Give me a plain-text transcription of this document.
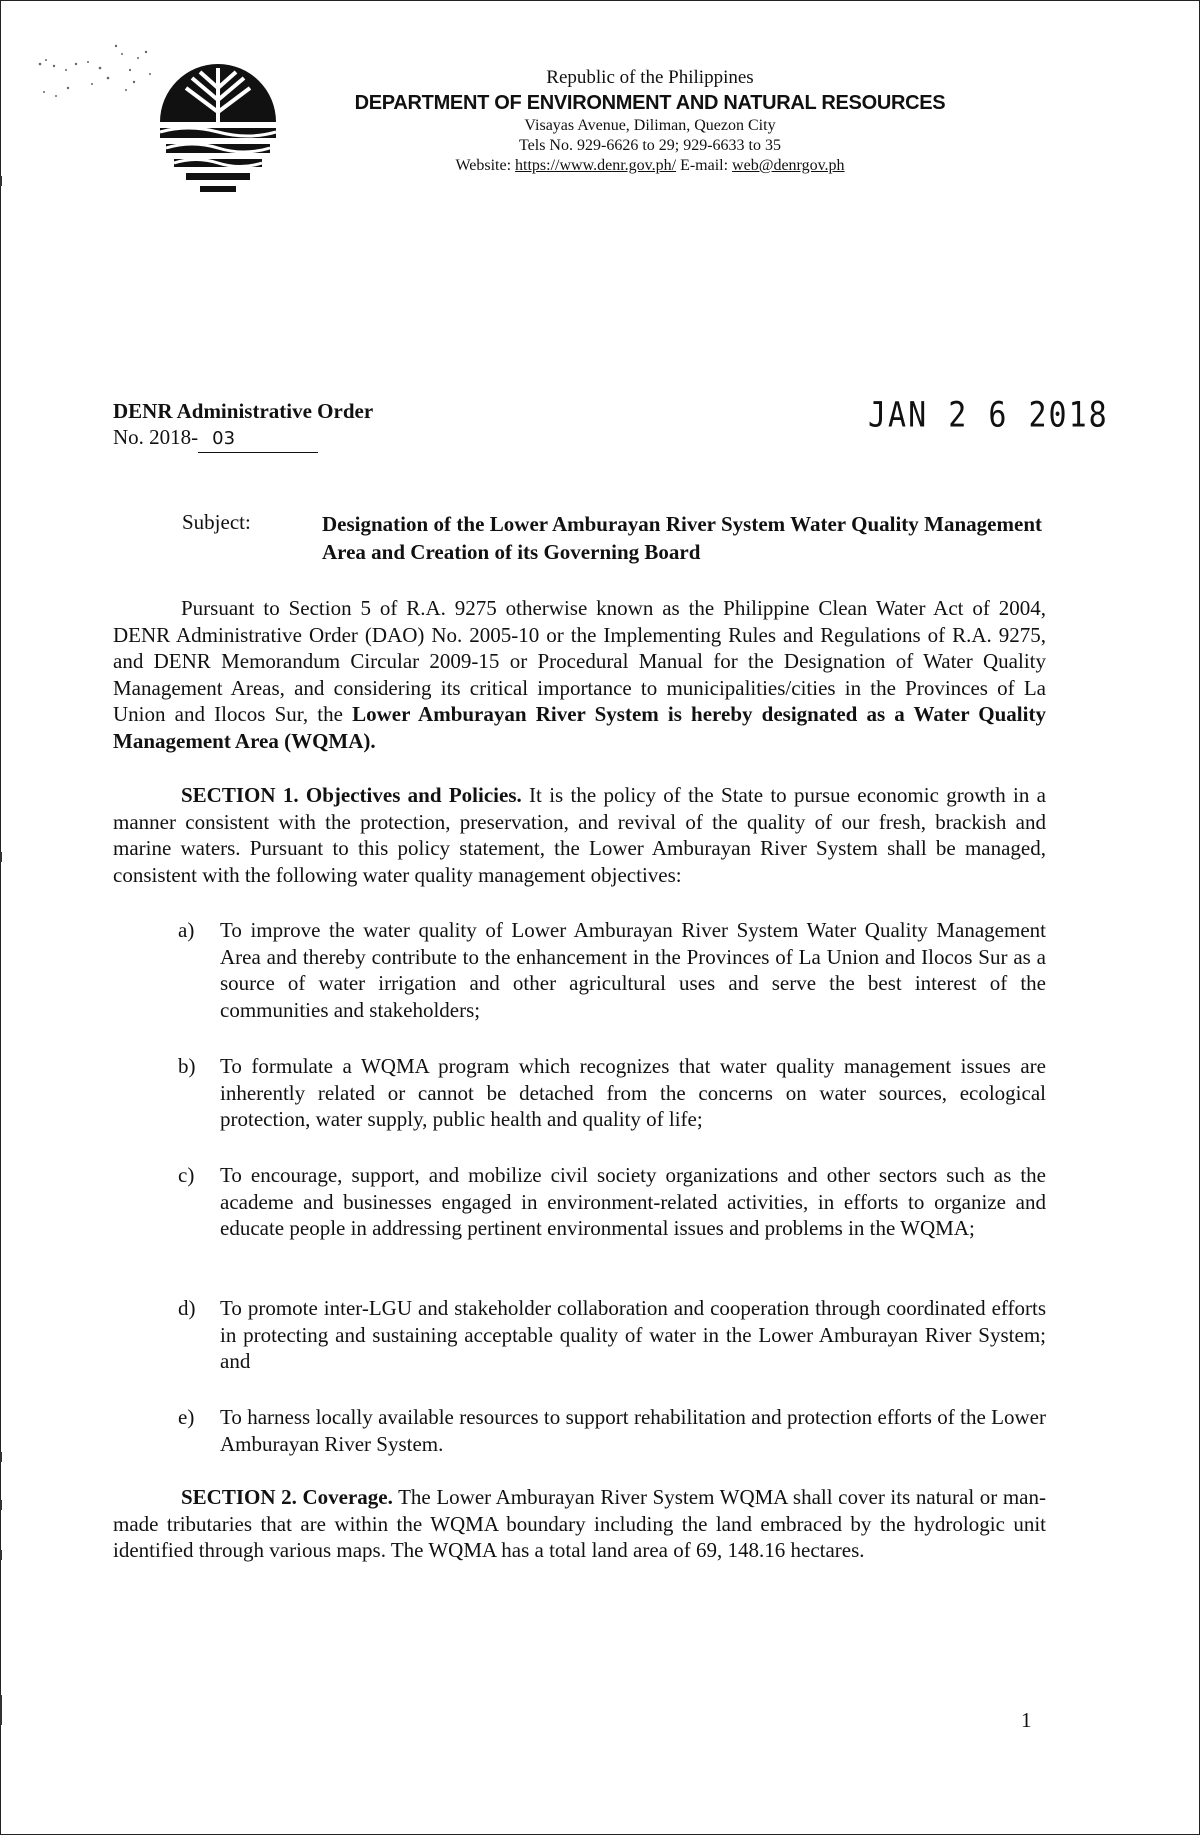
Republic of the Philippines
DEPARTMENT OF ENVIRONMENT AND NATURAL RESOURCES
Visayas Avenue, Diliman, Quezon City
Tels No. 929-6626 to 29; 929-6633 to 35
Website: https://www.denr.gov.ph/ E-mail: web@denrgov.ph
DENR Administrative Order
No. 2018- 03
JAN 2 6 2018
Subject:	Designation of the Lower Amburayan River System Water Quality Management Area and Creation of its Governing Board

Pursuant to Section 5 of R.A. 9275 otherwise known as the Philippine Clean Water Act of 2004, DENR Administrative Order (DAO) No. 2005-10 or the Implementing Rules and Regulations of R.A. 9275, and DENR Memorandum Circular 2009-15 or Procedural Manual for the Designation of Water Quality Management Areas, and considering its critical importance to municipalities/cities in the Provinces of La Union and Ilocos Sur, the Lower Amburayan River System is hereby designated as a Water Quality Management Area (WQMA).

SECTION 1. Objectives and Policies. It is the policy of the State to pursue economic growth in a manner consistent with the protection, preservation, and revival of the quality of our fresh, brackish and marine waters. Pursuant to this policy statement, the Lower Amburayan River System shall be managed, consistent with the following water quality management objectives:

a) To improve the water quality of Lower Amburayan River System Water Quality Management Area and thereby contribute to the enhancement in the Provinces of La Union and Ilocos Sur as a source of water irrigation and other agricultural uses and serve the best interest of the communities and stakeholders;
b) To formulate a WQMA program which recognizes that water quality management issues are inherently related or cannot be detached from the concerns on water sources, ecological protection, water supply, public health and quality of life;
c) To encourage, support, and mobilize civil society organizations and other sectors such as the academe and businesses engaged in environment-related activities, in efforts to organize and educate people in addressing pertinent environmental issues and problems in the WQMA;
d) To promote inter-LGU and stakeholder collaboration and cooperation through coordinated efforts in protecting and sustaining acceptable quality of water in the Lower Amburayan River System; and
e) To harness locally available resources to support rehabilitation and protection efforts of the Lower Amburayan River System.

SECTION 2. Coverage. The Lower Amburayan River System WQMA shall cover its natural or man-made tributaries that are within the WQMA boundary including the land embraced by the hydrologic unit identified through various maps. The WQMA has a total land area of 69, 148.16 hectares.

1
